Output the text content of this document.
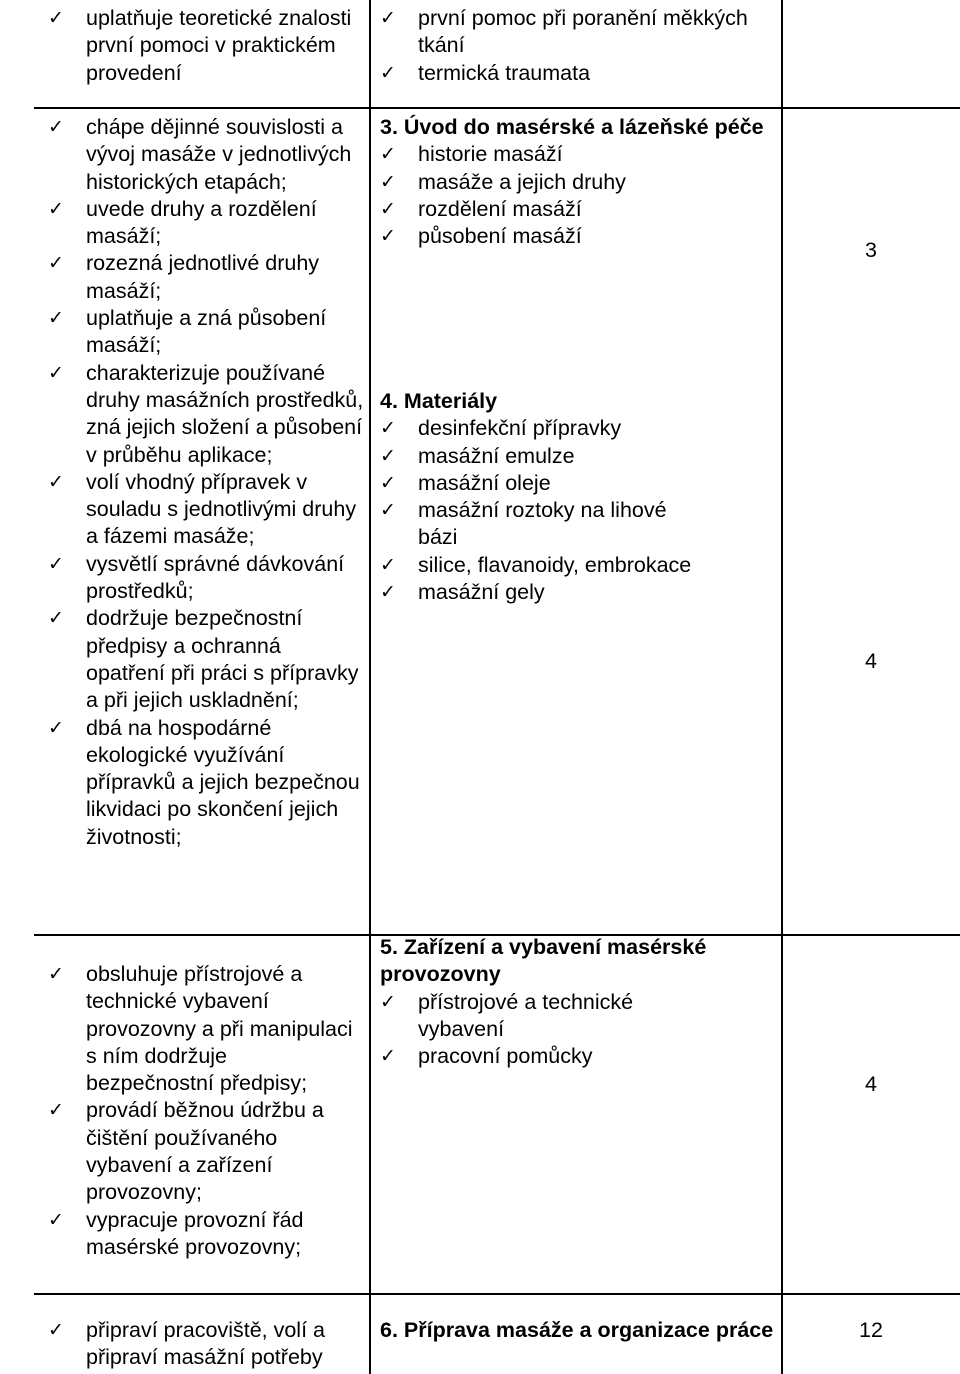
✓ uplatňuje teoretické znalosti první pomoci v praktickém provedení
✓ první pomoc při poranění měkkých tkání
✓ termická traumata
✓ chápe dějinné souvislosti a vývoj masáže v jednotlivých historických etapách;
✓ uvede druhy a rozdělení masáží;
✓ rozezná jednotlivé druhy masáží;
✓ uplatňuje a zná působení masáží;
✓ charakterizuje používané druhy masážních prostředků, zná jejich složení a působení v průběhu aplikace;
✓ volí vhodný přípravek v souladu s jednotlivými druhy a fázemi masáže;
✓ vysvětlí správné dávkování prostředků;
✓ dodržuje bezpečnostní předpisy a ochranná opatření při práci s přípravky a při jejich uskladnění;
✓ dbá na hospodárné ekologické využívání přípravků a jejich bezpečnou likvidaci po skončení jejich životnosti;

3. Úvod do masérské a lázeňské péče

✓ historie masáží
✓ masáže a jejich druhy
✓ rozdělení masáží
✓ působení masáží

4. Materiály

✓ desinfekční přípravky
✓ masážní emulze
✓ masážní oleje
✓ masážní roztoky na lihové bázi
✓ silice, flavanoidy, embrokace
✓ masážní gely
3
4
✓ obsluhuje přístrojové a technické vybavení provozovny a při manipulaci s ním dodržuje bezpečnostní předpisy;
✓ provádí běžnou údržbu a čištění používaného vybavení a zařízení provozovny;
✓ vypracuje provozní řád masérské provozovny;

5. Zařízení a vybavení masérské provozovny

✓ přístrojové a technické vybavení
✓ pracovní pomůcky
4
✓ připraví pracoviště, volí a připraví masážní potřeby

6. Příprava masáže a organizace práce	12
